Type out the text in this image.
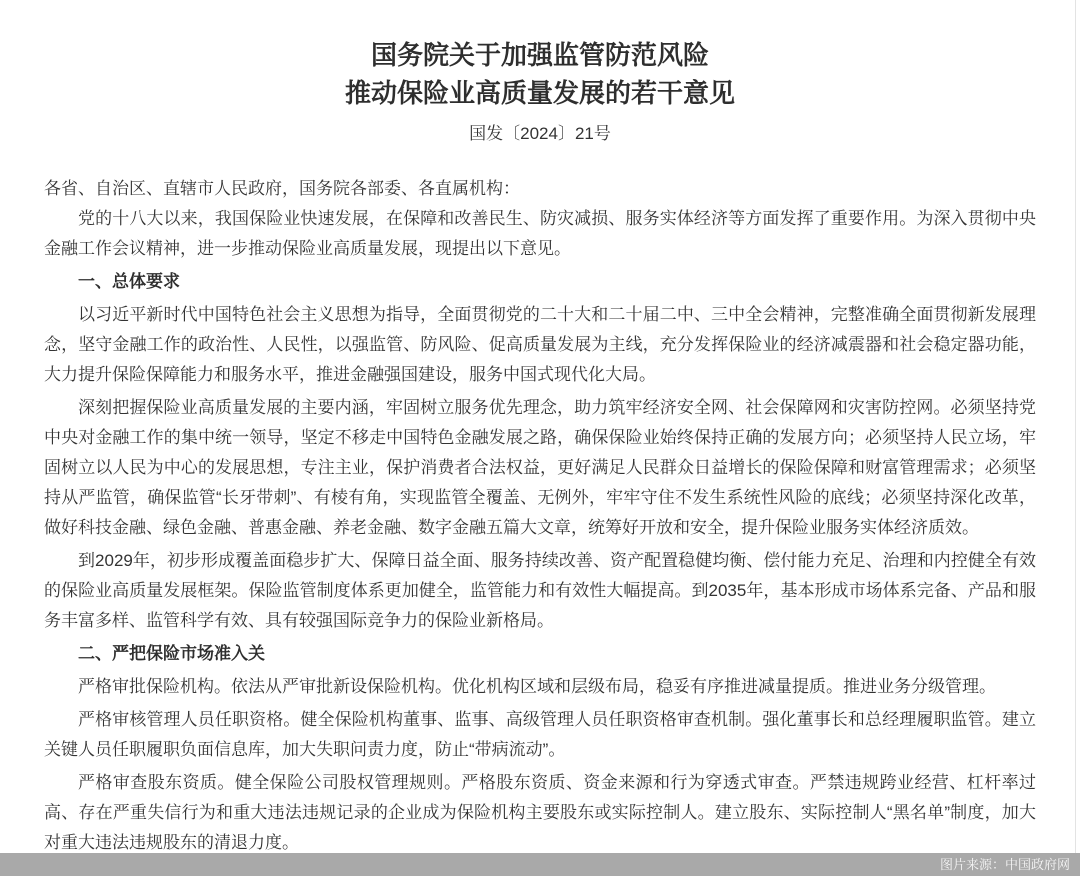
国务院关于加强监管防范风险
推动保险业高质量发展的若干意见
国发〔2024〕21号
各省、自治区、直辖市人民政府，国务院各部委、各直属机构：

党的十八大以来，我国保险业快速发展，在保障和改善民生、防灾减损、服务实体经济等方面发挥了重要作用。为深入贯彻中央金融工作会议精神，进一步推动保险业高质量发展，现提出以下意见。

一、总体要求

以习近平新时代中国特色社会主义思想为指导，全面贯彻党的二十大和二十届二中、三中全会精神，完整准确全面贯彻新发展理念，坚守金融工作的政治性、人民性，以强监管、防风险、促高质量发展为主线，充分发挥保险业的经济减震器和社会稳定器功能，大力提升保险保障能力和服务水平，推进金融强国建设，服务中国式现代化大局。

深刻把握保险业高质量发展的主要内涵，牢固树立服务优先理念，助力筑牢经济安全网、社会保障网和灾害防控网。必须坚持党中央对金融工作的集中统一领导，坚定不移走中国特色金融发展之路，确保保险业始终保持正确的发展方向；必须坚持人民立场，牢固树立以人民为中心的发展思想，专注主业，保护消费者合法权益，更好满足人民群众日益增长的保险保障和财富管理需求；必须坚持从严监管，确保监管“长牙带刺”、有棱有角，实现监管全覆盖、无例外，牢牢守住不发生系统性风险的底线；必须坚持深化改革，做好科技金融、绿色金融、普惠金融、养老金融、数字金融五篇大文章，统筹好开放和安全，提升保险业服务实体经济质效。

到2029年，初步形成覆盖面稳步扩大、保障日益全面、服务持续改善、资产配置稳健均衡、偿付能力充足、治理和内控健全有效的保险业高质量发展框架。保险监管制度体系更加健全，监管能力和有效性大幅提高。到2035年，基本形成市场体系完备、产品和服务丰富多样、监管科学有效、具有较强国际竞争力的保险业新格局。

二、严把保险市场准入关

严格审批保险机构。依法从严审批新设保险机构。优化机构区域和层级布局，稳妥有序推进减量提质。推进业务分级管理。

严格审核管理人员任职资格。健全保险机构董事、监事、高级管理人员任职资格审查机制。强化董事长和总经理履职监管。建立关键人员任职履职负面信息库，加大失职问责力度，防止“带病流动”。

严格审查股东资质。健全保险公司股权管理规则。严格股东资质、资金来源和行为穿透式审查。严禁违规跨业经营、杠杆率过高、存在严重失信行为和重大违法违规记录的企业成为保险机构主要股东或实际控制人。建立股东、实际控制人“黑名单”制度，加大对重大违法违规股东的清退力度。

图片来源：中国政府网
